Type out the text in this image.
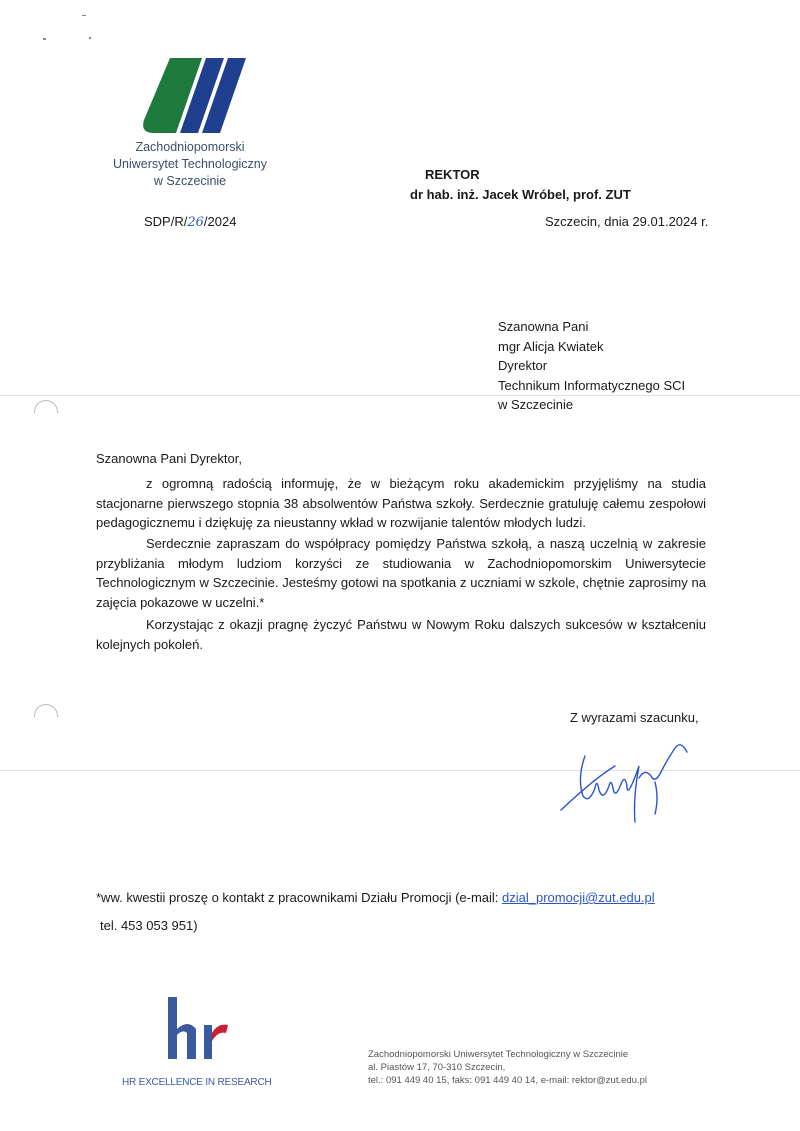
Zachodniopomorski
Uniwersytet Technologiczny
w Szczecinie	REKTOR
dr hab. inż. Jacek Wróbel, prof. ZUT
SDP/R/26/2024	Szczecin, dnia 29.01.2024 r.
Szanowna Pani
mgr Alicja Kwiatek
Dyrektor
Technikum Informatycznego SCI
w Szczecinie
Szanowna Pani Dyrektor,
z ogromną radością informuję, że w bieżącym roku akademickim przyjęliśmy na studia stacjonarne pierwszego stopnia 38 absolwentów Państwa szkoły. Serdecznie gratuluję całemu zespołowi pedagogicznemu i dziękuję za nieustanny wkład w rozwijanie talentów młodych ludzi.
Serdecznie zapraszam do współpracy pomiędzy Państwa szkołą, a naszą uczelnią w zakresie przybliżania młodym ludziom korzyści ze studiowania w Zachodniopomorskim Uniwersytecie Technologicznym w Szczecinie. Jesteśmy gotowi na spotkania z uczniami w szkole, chętnie zaprosimy na zajęcia pokazowe w uczelni.*
Korzystając z okazji pragnę życzyć Państwu w Nowym Roku dalszych sukcesów w kształceniu kolejnych pokoleń.
Z wyrazami szacunku,
*ww. kwestii proszę o kontakt z pracownikami Działu Promocji (e-mail: dzial_promocji@zut.edu.pl
tel. 453 053 951)
HR EXCELLENCE IN RESEARCH
Zachodniopomorski Uniwersytet Technologiczny w Szczecinie
al. Piastów 17, 70-310 Szczecin,
tel.: 091 449 40 15, faks: 091 449 40 14, e-mail: rektor@zut.edu.pl
